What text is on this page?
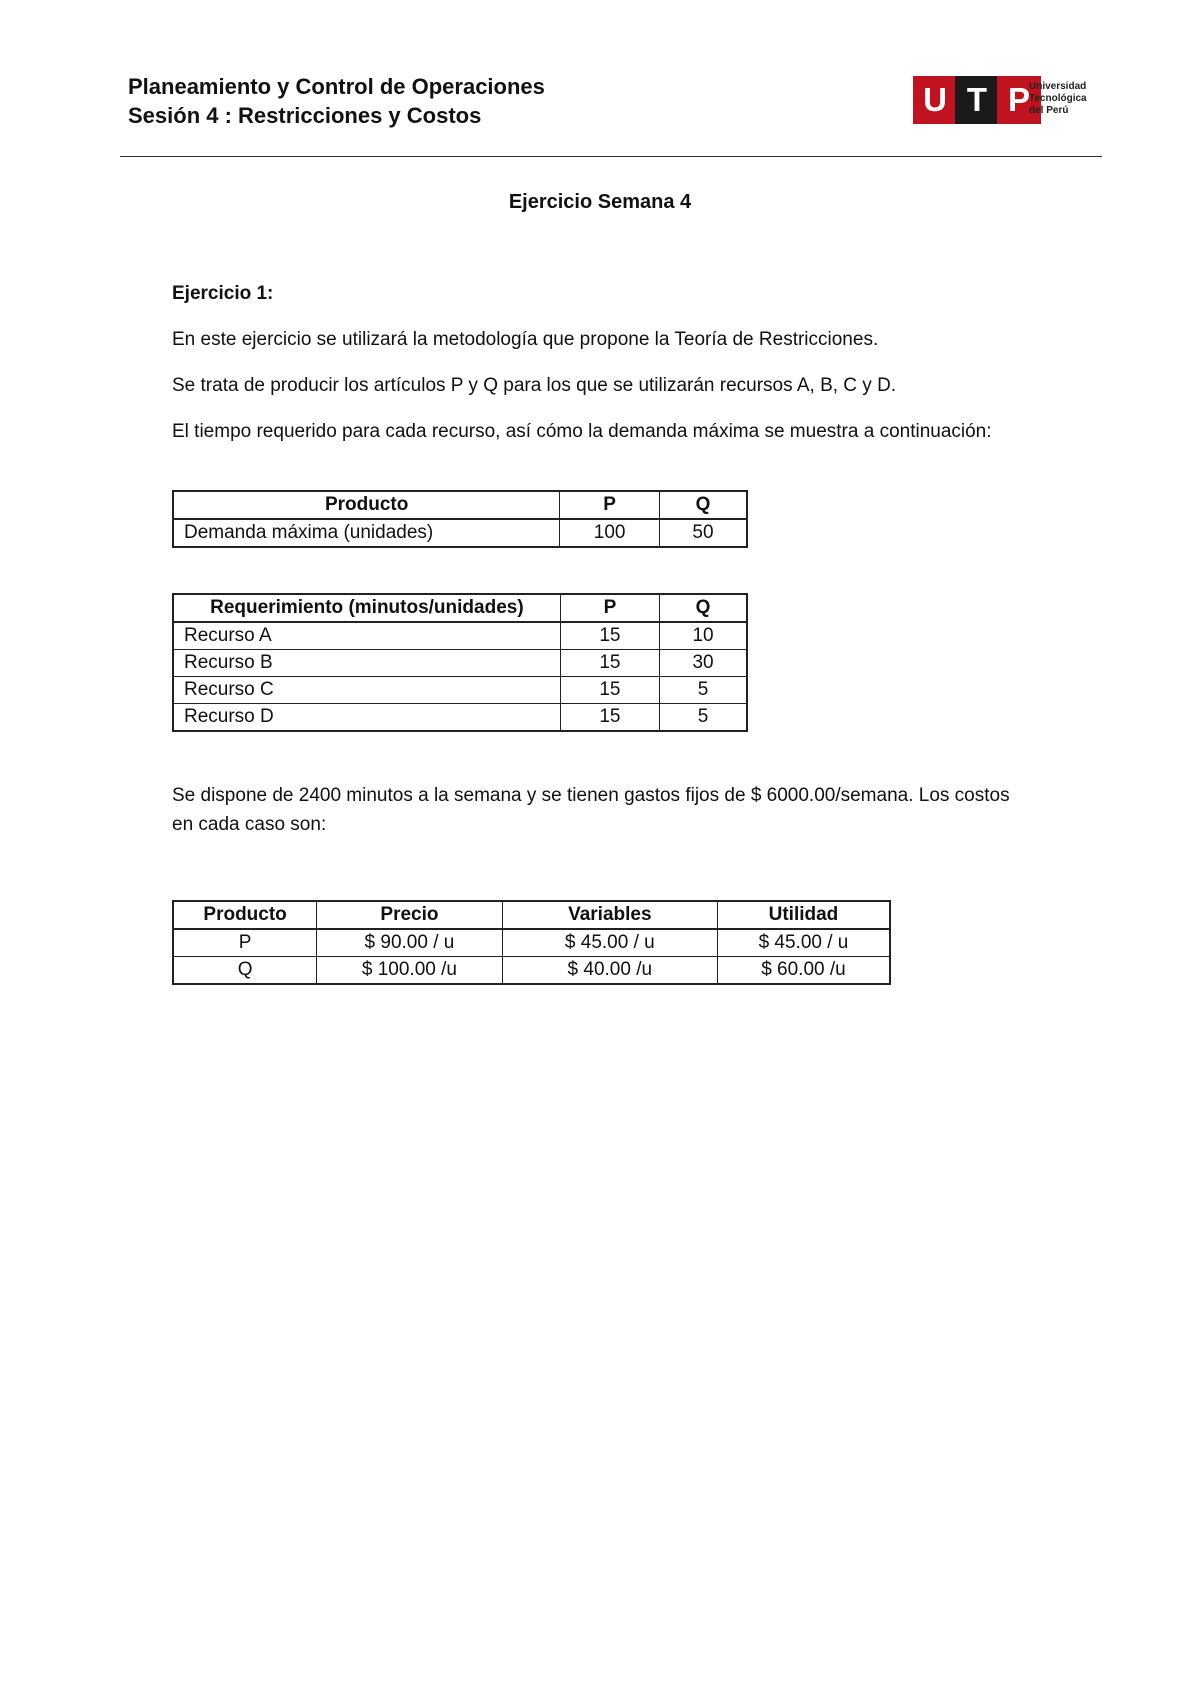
Planeamiento y Control de Operaciones
Sesión 4 : Restricciones y Costos	U T P Universidad
Tecnológica
del Perú
Ejercicio Semana 4
Ejercicio 1:
En este ejercicio se utilizará la metodología que propone la Teoría de Restricciones.
Se trata de producir los artículos P y Q para los que se utilizarán recursos A, B, C y D.
El tiempo requerido para cada recurso, así cómo la demanda máxima se muestra a continuación:
Producto	P	Q
Demanda máxima (unidades)	100	50
Requerimiento (minutos/unidades)	P	Q
Recurso A	15	10
Recurso B	15	30
Recurso C	15	5
Recurso D	15	5
Se dispone de 2400 minutos a la semana y se tienen gastos fijos de $ 6000.00/semana. Los costos en cada caso son:
Producto	Precio	Variables	Utilidad
P	$ 90.00 / u	$ 45.00 / u	$ 45.00 / u
Q	$ 100.00 /u	$ 40.00 /u	$ 60.00 /u
